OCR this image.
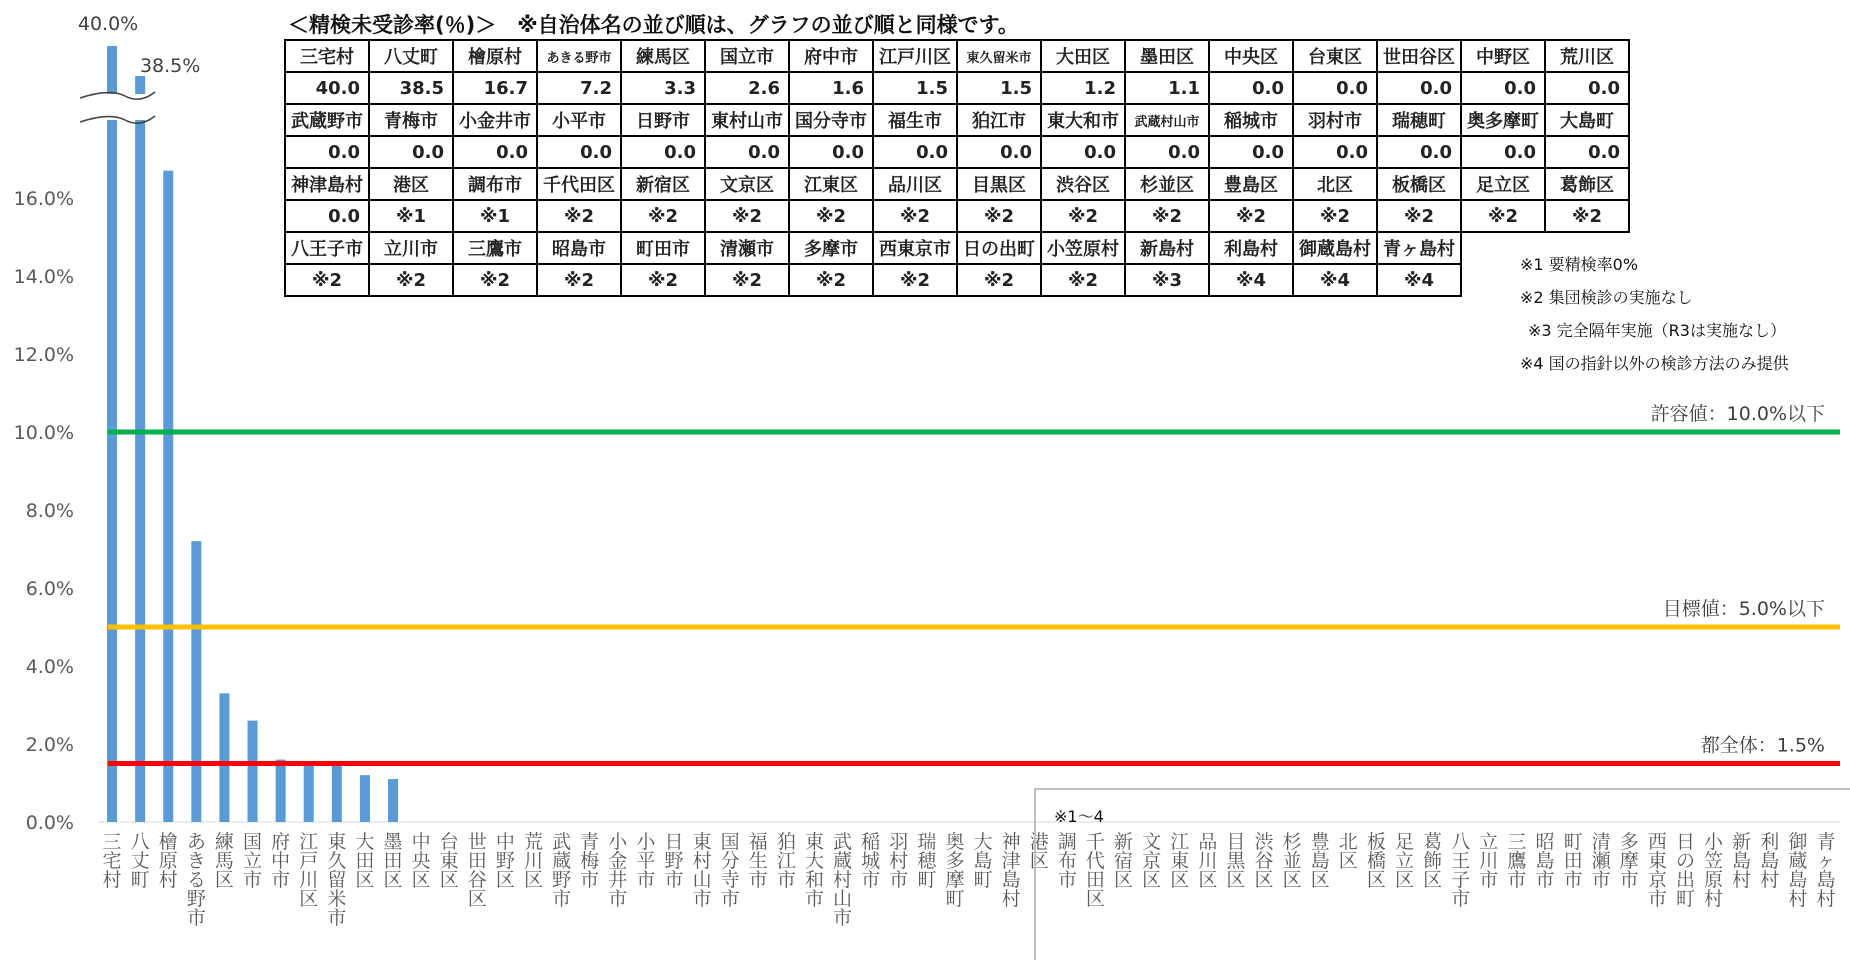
0.0%
2.0%
4.0%
6.0%
8.0%
10.0%
12.0%
14.0%
16.0%
40.0%
38.5%
許容値：10.0%以下
目標値：5.0%以下
都全体：1.5%
三宅村
八丈町
檜原村
あきる野市
練馬区
国立市
府中市
江戸川区
東久留米市
大田区
墨田区
中央区
台東区
世田谷区
中野区
荒川区
武蔵野市
青梅市
小金井市
小平市
日野市
東村山市
国分寺市
福生市
狛江市
東大和市
武蔵村山市
稲城市
羽村市
瑞穂町
奥多摩町
大島町
神津島村
港区
調布市
千代田区
新宿区
文京区
江東区
品川区
目黒区
渋谷区
杉並区
豊島区
北区
板橋区
足立区
葛飾区
八王子市
立川市
三鷹市
昭島市
町田市
清瀬市
多摩市
西東京市
日の出町
小笠原村
新島村
利島村
御蔵島村
青ヶ島村
＜精検未受診率(％)＞　※自治体名の並び順は、グラフの並び順と同様です。
三宅村	八丈町	檜原村	あきる野市	練馬区	国立市	府中市	江戸川区	東久留米市	大田区	墨田区	中央区	台東区	世田谷区	中野区	荒川区
40.0	38.5	16.7	7.2	3.3	2.6	1.6	1.5	1.5	1.2	1.1	0.0	0.0	0.0	0.0	0.0
武蔵野市	青梅市	小金井市	小平市	日野市	東村山市	国分寺市	福生市	狛江市	東大和市	武蔵村山市	稲城市	羽村市	瑞穂町	奥多摩町	大島町
0.0	0.0	0.0	0.0	0.0	0.0	0.0	0.0	0.0	0.0	0.0	0.0	0.0	0.0	0.0	0.0
神津島村	港区	調布市	千代田区	新宿区	文京区	江東区	品川区	目黒区	渋谷区	杉並区	豊島区	北区	板橋区	足立区	葛飾区
0.0	※1	※1	※2	※2	※2	※2	※2	※2	※2	※2	※2	※2	※2	※2	※2
八王子市	立川市	三鷹市	昭島市	町田市	清瀬市	多摩市	西東京市	日の出町	小笠原村	新島村	利島村	御蔵島村	青ヶ島村		
※2	※2	※2	※2	※2	※2	※2	※2	※2	※2	※3	※4	※4	※4		
※1 要精検率0%
※2 集団検診の実施なし
※3 完全隔年実施（R3は実施なし）
※4 国の指針以外の検診方法のみ提供
※1〜4
